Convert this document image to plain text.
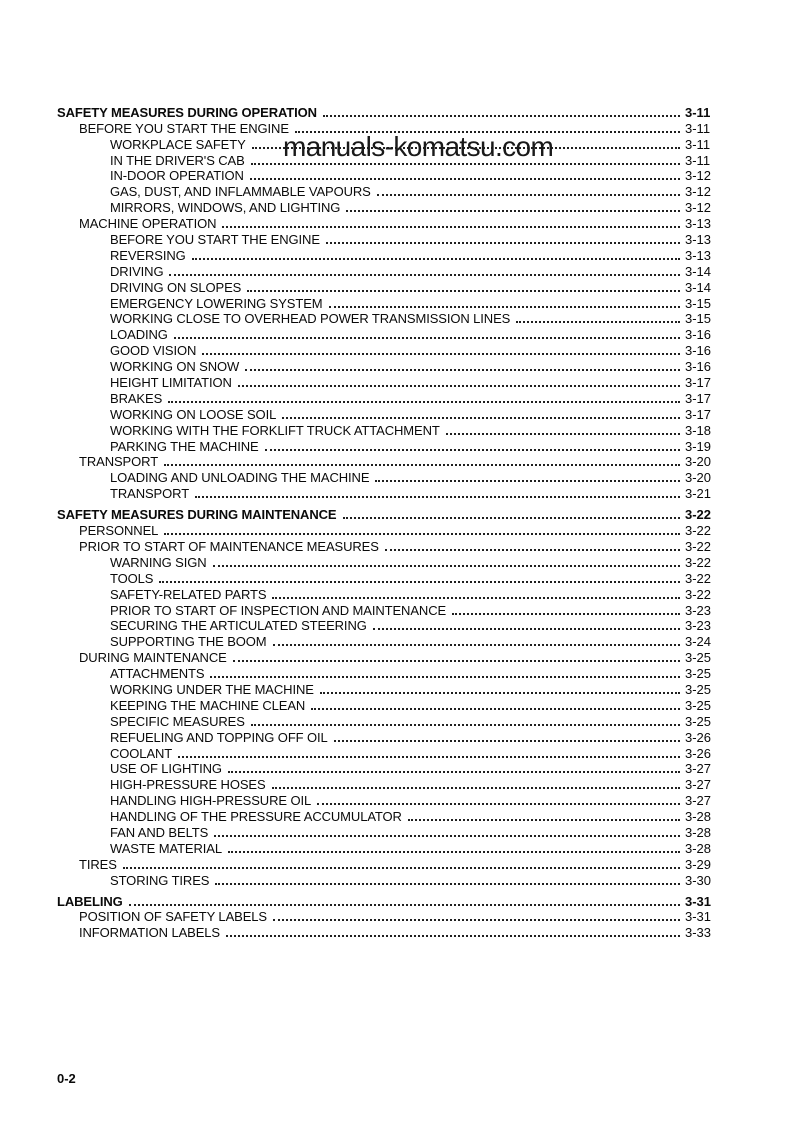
SAFETY MEASURES DURING OPERATION	3-11
BEFORE YOU START THE ENGINE	3-11
WORKPLACE SAFETY	3-11
IN THE DRIVER'S CAB	3-11
IN-DOOR OPERATION	3-12
GAS, DUST, AND INFLAMMABLE VAPOURS	3-12
MIRRORS, WINDOWS, AND LIGHTING	3-12
MACHINE OPERATION	3-13
BEFORE YOU START THE ENGINE	3-13
REVERSING	3-13
DRIVING	3-14
DRIVING ON SLOPES	3-14
EMERGENCY LOWERING SYSTEM	3-15
WORKING CLOSE TO OVERHEAD POWER TRANSMISSION LINES	3-15
LOADING	3-16
GOOD VISION	3-16
WORKING ON SNOW	3-16
HEIGHT LIMITATION	3-17
BRAKES	3-17
WORKING ON LOOSE SOIL	3-17
WORKING WITH THE FORKLIFT TRUCK ATTACHMENT	3-18
PARKING THE MACHINE	3-19
TRANSPORT	3-20
LOADING AND UNLOADING THE MACHINE	3-20
TRANSPORT	3-21
SAFETY MEASURES DURING MAINTENANCE	3-22
PERSONNEL	3-22
PRIOR TO START OF MAINTENANCE MEASURES	3-22
WARNING SIGN	3-22
TOOLS	3-22
SAFETY-RELATED PARTS	3-22
PRIOR TO START OF INSPECTION AND MAINTENANCE	3-23
SECURING THE ARTICULATED STEERING	3-23
SUPPORTING THE BOOM	3-24
DURING MAINTENANCE	3-25
ATTACHMENTS	3-25
WORKING UNDER THE MACHINE	3-25
KEEPING THE MACHINE CLEAN	3-25
SPECIFIC MEASURES	3-25
REFUELING AND TOPPING OFF OIL	3-26
COOLANT	3-26
USE OF LIGHTING	3-27
HIGH-PRESSURE HOSES	3-27
HANDLING HIGH-PRESSURE OIL	3-27
HANDLING OF THE PRESSURE ACCUMULATOR	3-28
FAN AND BELTS	3-28
WASTE MATERIAL	3-28
TIRES	3-29
STORING TIRES	3-30
LABELING	3-31
POSITION OF SAFETY LABELS	3-31
INFORMATION LABELS	3-33
manuals-komatsu.com
0-2
